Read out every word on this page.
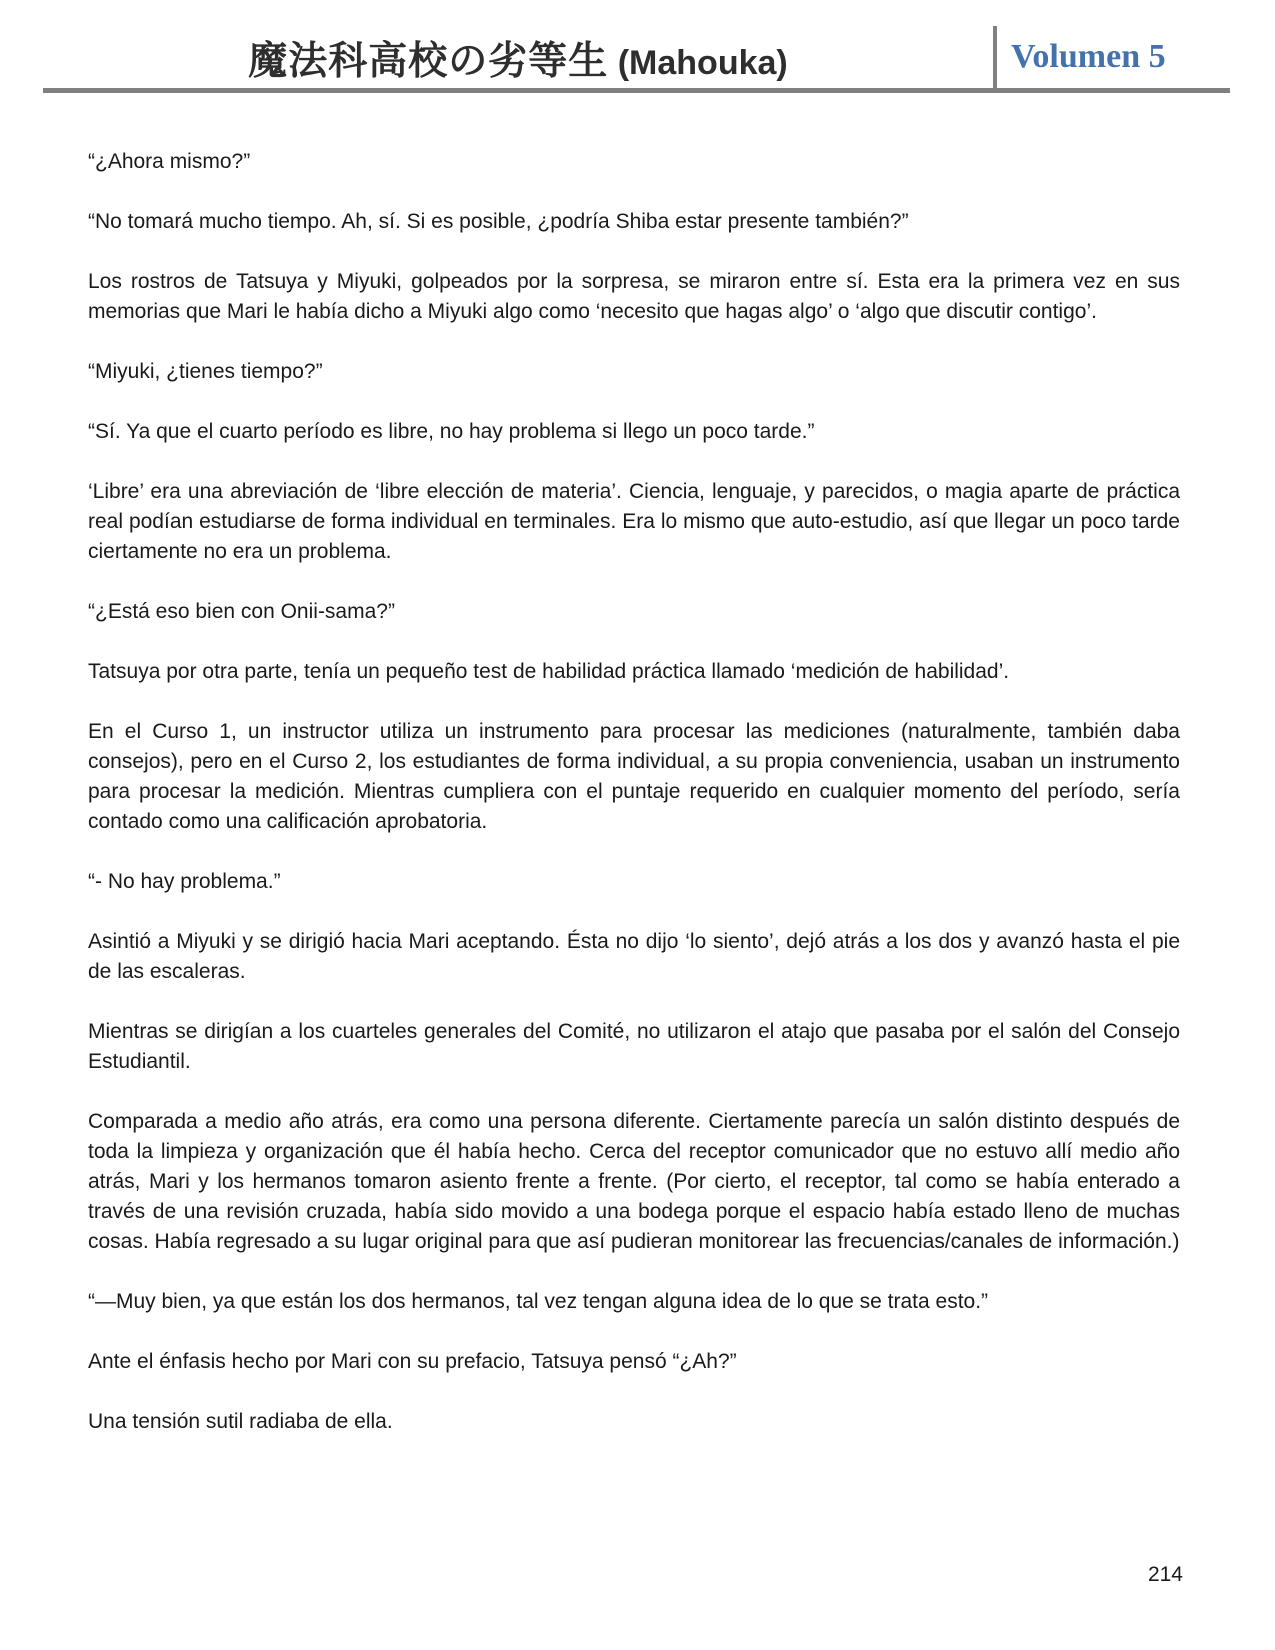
魔法科高校の劣等生 (Mahouka)	Volumen 5

“¿Ahora mismo?”

“No tomará mucho tiempo. Ah, sí. Si es posible, ¿podría Shiba estar presente también?”

Los rostros de Tatsuya y Miyuki, golpeados por la sorpresa, se miraron entre sí. Esta era la primera vez en sus memorias que Mari le había dicho a Miyuki algo como ‘necesito que hagas algo’ o ‘algo que discutir contigo’.

“Miyuki, ¿tienes tiempo?”

“Sí. Ya que el cuarto período es libre, no hay problema si llego un poco tarde.”

‘Libre’ era una abreviación de ‘libre elección de materia’. Ciencia, lenguaje, y parecidos, o magia aparte de práctica real podían estudiarse de forma individual en terminales. Era lo mismo que auto-estudio, así que llegar un poco tarde ciertamente no era un problema.

“¿Está eso bien con Onii-sama?”

Tatsuya por otra parte, tenía un pequeño test de habilidad práctica llamado ‘medición de habilidad’.

En el Curso 1, un instructor utiliza un instrumento para procesar las mediciones (naturalmente, también daba consejos), pero en el Curso 2, los estudiantes de forma individual, a su propia conveniencia, usaban un instrumento para procesar la medición. Mientras cumpliera con el puntaje requerido en cualquier momento del período, sería contado como una calificación aprobatoria.

“- No hay problema.”

Asintió a Miyuki y se dirigió hacia Mari aceptando. Ésta no dijo ‘lo siento’, dejó atrás a los dos y avanzó hasta el pie de las escaleras.

Mientras se dirigían a los cuarteles generales del Comité, no utilizaron el atajo que pasaba por el salón del Consejo Estudiantil.

Comparada a medio año atrás, era como una persona diferente. Ciertamente parecía un salón distinto después de toda la limpieza y organización que él había hecho. Cerca del receptor comunicador que no estuvo allí medio año atrás, Mari y los hermanos tomaron asiento frente a frente. (Por cierto, el receptor, tal como se había enterado a través de una revisión cruzada, había sido movido a una bodega porque el espacio había estado lleno de muchas cosas. Había regresado a su lugar original para que así pudieran monitorear las frecuencias/canales de información.)

“—Muy bien, ya que están los dos hermanos, tal vez tengan alguna idea de lo que se trata esto.”

Ante el énfasis hecho por Mari con su prefacio, Tatsuya pensó “¿Ah?”

Una tensión sutil radiaba de ella.

214
